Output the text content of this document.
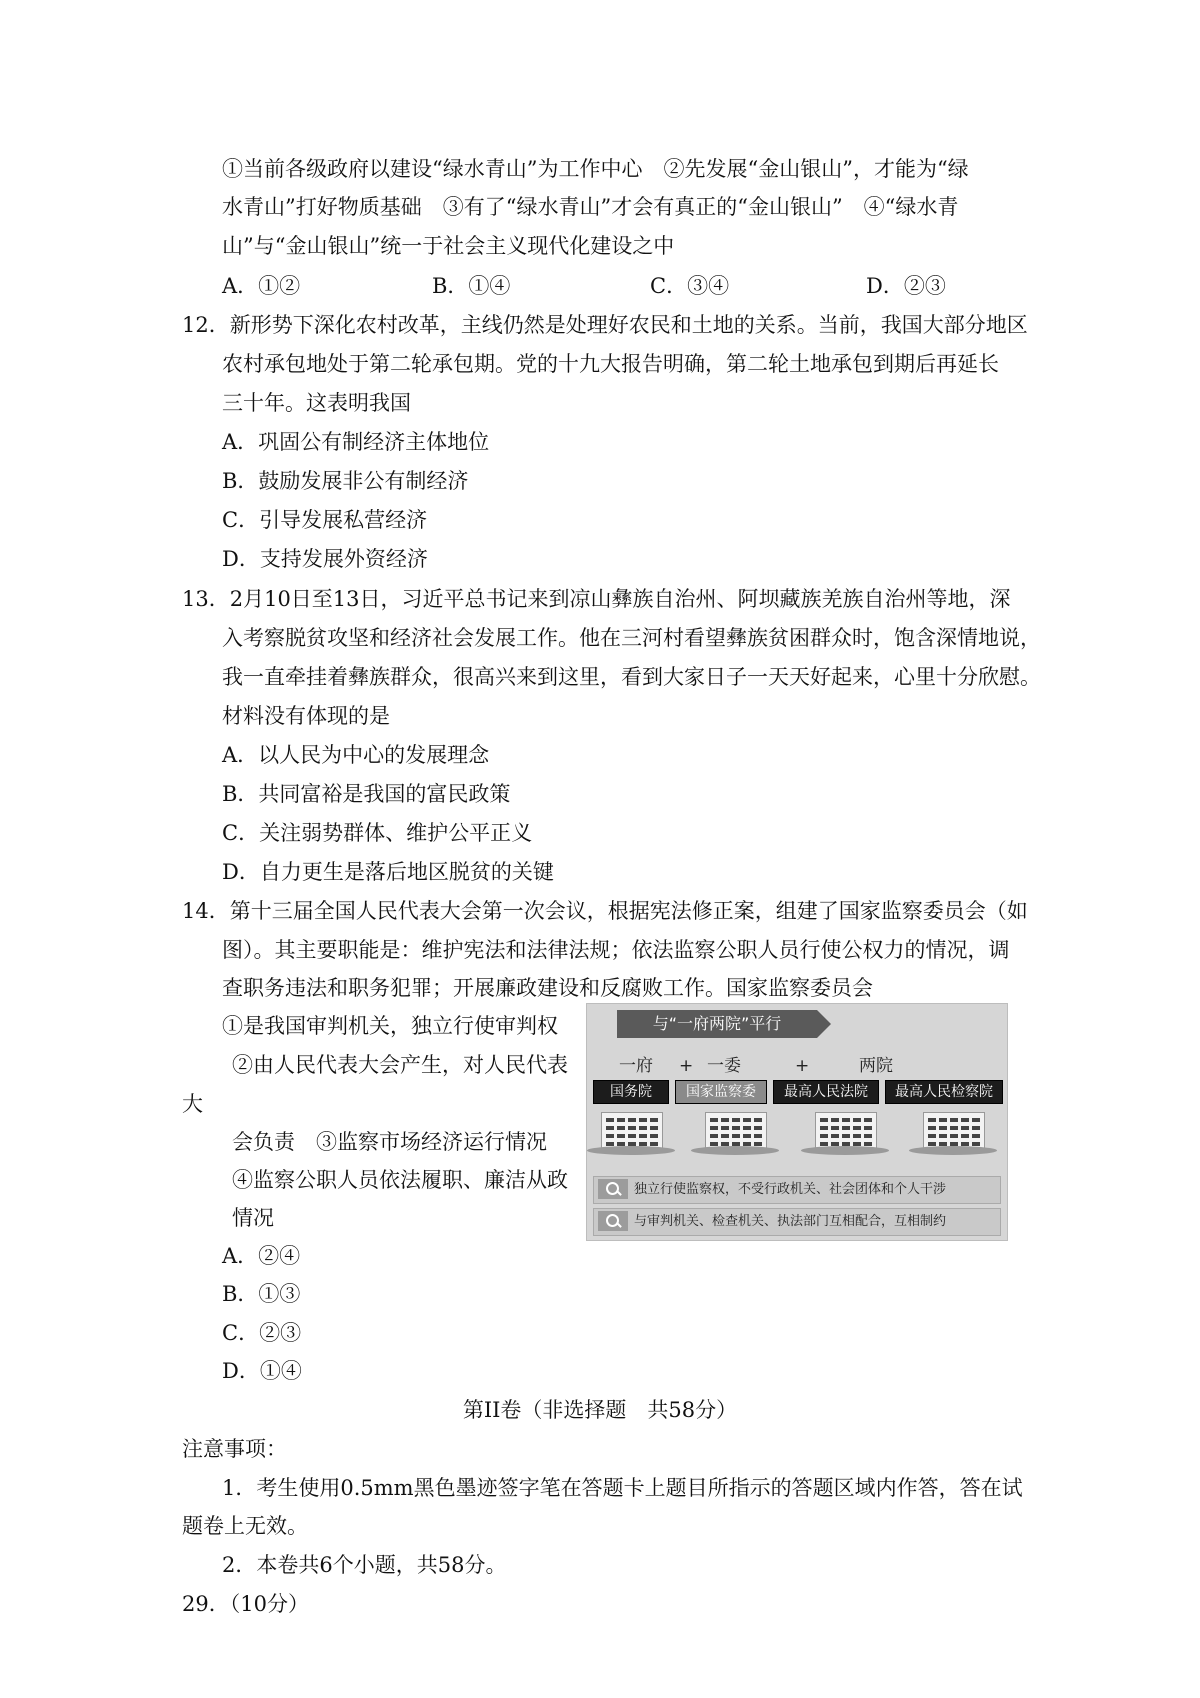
①当前各级政府以建设“绿水青山”为工作中心　②先发展“金山银山”，才能为“绿
水青山”打好物质基础　③有了“绿水青山”才会有真正的“金山银山”　④“绿水青
山”与“金山银山”统一于社会主义现代化建设之中
A．①②	B．①④	C．③④	D．②③
12．新形势下深化农村改革，主线仍然是处理好农民和土地的关系。当前，我国大部分地区
农村承包地处于第二轮承包期。党的十九大报告明确，第二轮土地承包到期后再延长
三十年。这表明我国
A．巩固公有制经济主体地位
B．鼓励发展非公有制经济
C．引导发展私营经济
D．支持发展外资经济
13．2月10日至13日，习近平总书记来到凉山彝族自治州、阿坝藏族羌族自治州等地，深
入考察脱贫攻坚和经济社会发展工作。他在三河村看望彝族贫困群众时，饱含深情地说，
我一直牵挂着彝族群众，很高兴来到这里，看到大家日子一天天好起来，心里十分欣慰。
材料没有体现的是
A．以人民为中心的发展理念
B．共同富裕是我国的富民政策
C．关注弱势群体、维护公平正义
D．自力更生是落后地区脱贫的关键
14．第十三届全国人民代表大会第一次会议，根据宪法修正案，组建了国家监察委员会（如
图）。其主要职能是：维护宪法和法律法规；依法监察公职人员行使公权力的情况，调
查职务违法和职务犯罪；开展廉政建设和反腐败工作。国家监察委员会
①是我国审判机关，独立行使审判权
②由人民代表大会产生，对人民代表
大
会负责　③监察市场经济运行情况
④监察公职人员依法履职、廉洁从政
情况
A．②④
B．①③
C．②③
D．①④
与“一府两院”平行
一府 + 一委	+	两院
国务院	国家监察委	最高人民法院	最高人民检察院
独立行使监察权，不受行政机关、社会团体和个人干涉
与审判机关、检查机关、执法部门互相配合，互相制约
第II卷（非选择题　共58分）
注意事项：
1．考生使用0.5mm黑色墨迹签字笔在答题卡上题目所指示的答题区域内作答，答在试
题卷上无效。
2．本卷共6个小题，共58分。
29．（10分）
